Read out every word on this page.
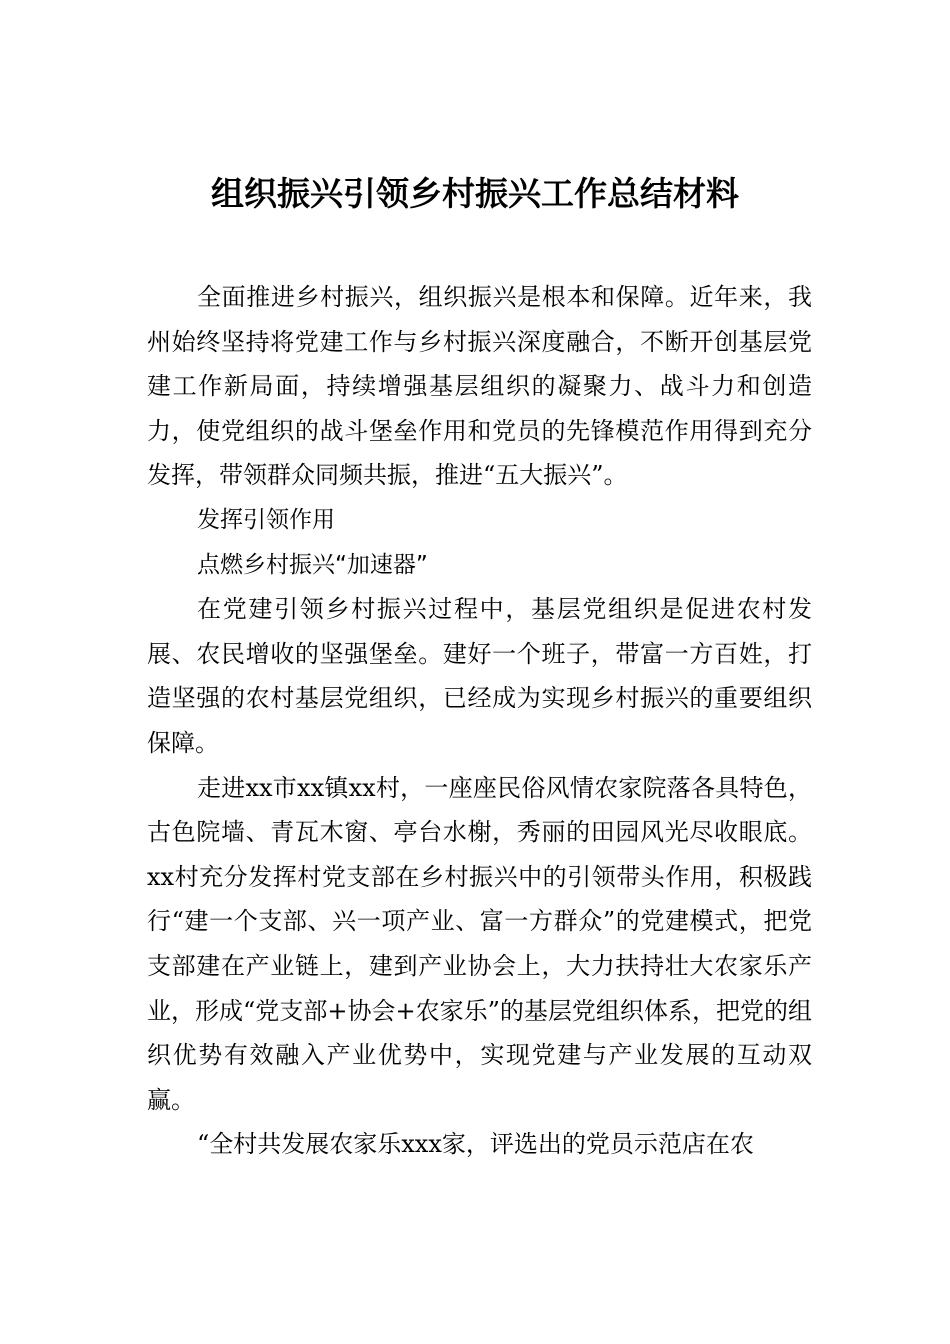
组织振兴引领乡村振兴工作总结材料

全面推进乡村振兴，组织振兴是根本和保障。近年来，我州始终坚持将党建工作与乡村振兴深度融合，不断开创基层党建工作新局面，持续增强基层组织的凝聚力、战斗力和创造力，使党组织的战斗堡垒作用和党员的先锋模范作用得到充分发挥，带领群众同频共振，推进“五大振兴”。

发挥引领作用

点燃乡村振兴“加速器”

在党建引领乡村振兴过程中，基层党组织是促进农村发展、农民增收的坚强堡垒。建好一个班子，带富一方百姓，打造坚强的农村基层党组织，已经成为实现乡村振兴的重要组织保障。

走进xx市xx镇xx村，一座座民俗风情农家院落各具特色，古色院墙、青瓦木窗、亭台水榭，秀丽的田园风光尽收眼底。xx村充分发挥村党支部在乡村振兴中的引领带头作用，积极践行“建一个支部、兴一项产业、富一方群众”的党建模式，把党支部建在产业链上，建到产业协会上，大力扶持壮大农家乐产业，形成“党支部+协会+农家乐”的基层党组织体系，把党的组织优势有效融入产业优势中，实现党建与产业发展的互动双赢。

“全村共发展农家乐xxx家，评选出的党员示范店在农
